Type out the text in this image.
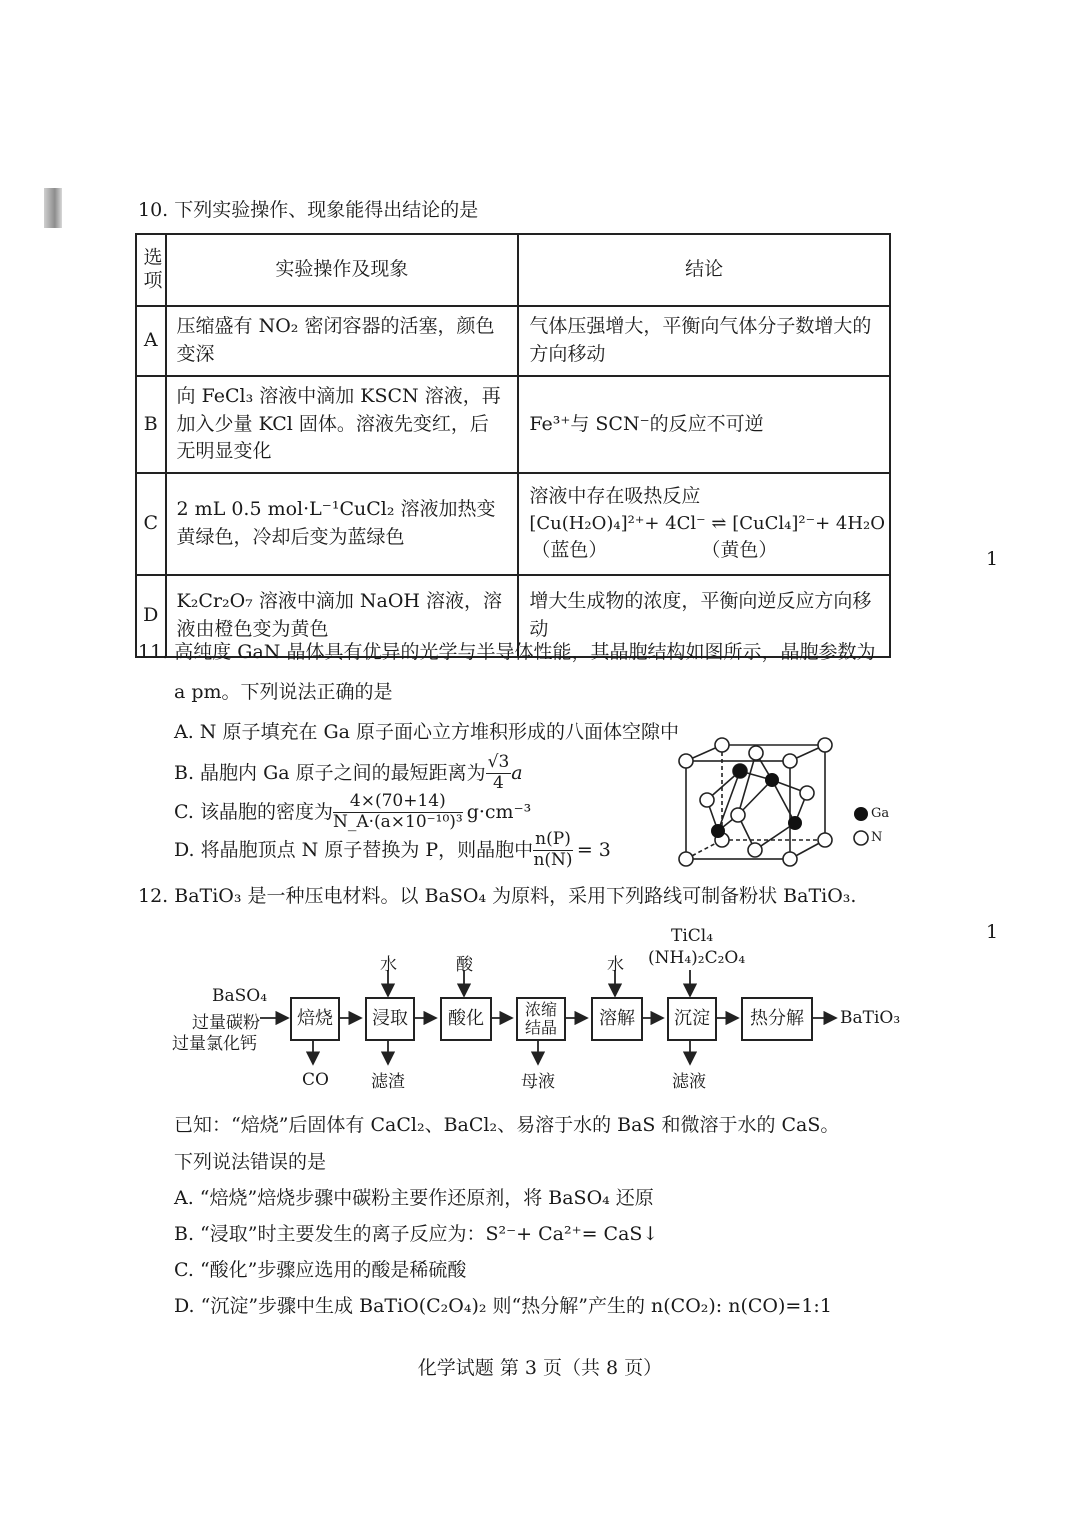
10. 下列实验操作、现象能得出结论的是
选项	实验操作及现象	结论
A	压缩盛有 NO₂ 密闭容器的活塞，颜色变深	气体压强增大，平衡向气体分子数增大的方向移动
B	向 FeCl₃ 溶液中滴加 KSCN 溶液，再加入少量 KCl 固体。溶液先变红，后无明显变化	Fe³⁺与 SCN⁻的反应不可逆
C	2 mL 0.5 mol·L⁻¹CuCl₂ 溶液加热变黄绿色，冷却后变为蓝绿色	溶液中存在吸热反应
[Cu(H₂O)₄]²⁺+ 4Cl⁻ ⇌ [CuCl₄]²⁻+ 4H₂O
（蓝色） （黄色）

D	K₂Cr₂O₇ 溶液中滴加 NaOH 溶液，溶液由橙色变为黄色	增大生成物的浓度，平衡向逆反应方向移动
1
1
11. 高纯度 GaN 晶体具有优异的光学与半导体性能，其晶胞结构如图所示，晶胞参数为
a pm。下列说法正确的是
A. N 原子填充在 Ga 原子面心立方堆积形成的八面体空隙中
B. 晶胞内 Ga 原子之间的最短距离为 $\frac{√3}{4}$ a
C. 该晶胞的密度为 $\frac{4\times(70+14)}{\text{N\_A·(a×10⁻¹⁰)³}} g\cdot cm^{-3}$
D. 将晶胞顶点 N 原子替换为 P，则晶胞中 $\frac{n(P)}{n(N)} = 3$
Ga
N
12. BaTiO₃ 是一种压电材料。以 BaSO₄ 为原料，采用下列路线可制备粉状 BaTiO₃.
BaSO₄
过量碳粉
过量氯化钙
焙烧	浸取	酸化	浓缩结晶	溶解	沉淀	热分解	BaTiO₃
水	酸	水
TiCl₄
(NH₄)₂C₂O₄
CO 滤渣	母液	滤液
已知：“焙烧”后固体有 CaCl₂、BaCl₂、易溶于水的 BaS 和微溶于水的 CaS。
下列说法错误的是
A. “焙烧”焙烧步骤中碳粉主要作还原剂，将 BaSO₄ 还原
B. “浸取”时主要发生的离子反应为：S²⁻+ Ca²⁺= CaS↓
C. “酸化”步骤应选用的酸是稀硫酸
D. “沉淀”步骤中生成 BaTiO(C₂O₄)₂ 则“热分解”产生的 n(CO₂): n(CO)=1:1
化学试题 第 3 页（共 8 页）
